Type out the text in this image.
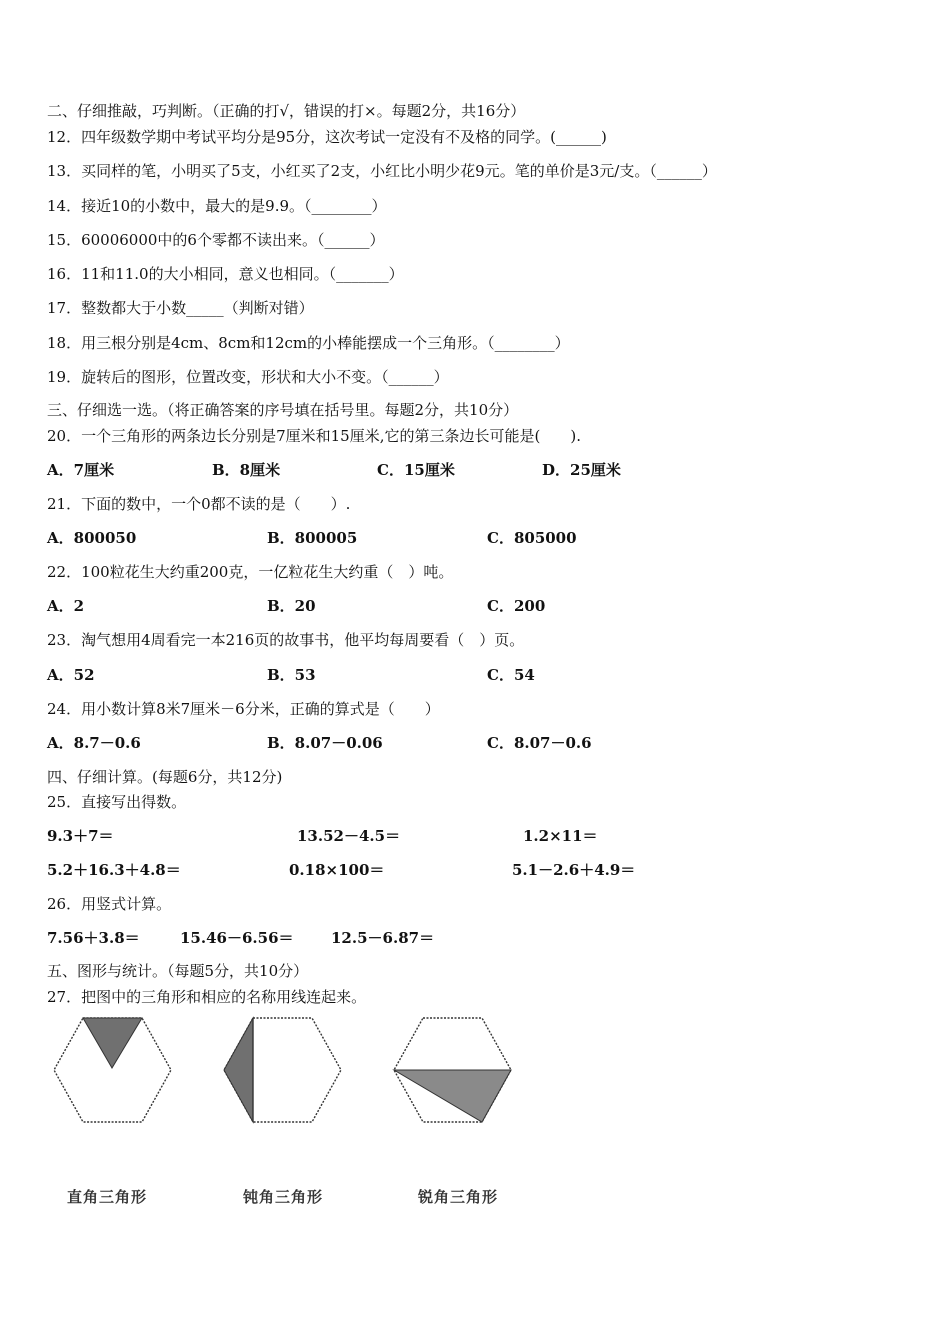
二、仔细推敲，巧判断。（正确的打√，错误的打×。每题2分，共16分）
12．四年级数学期中考试平均分是95分，这次考试一定没有不及格的同学。(______)
13．买同样的笔，小明买了5支，小红买了2支，小红比小明少花9元。笔的单价是3元/支。（______）
14．接近10的小数中，最大的是9.9。（________）
15．60006000中的6个零都不读出来。（______）
16．11和11.0的大小相同，意义也相同。（_______）
17．整数都大于小数_____（判断对错）
18．用三根分别是4cm、8cm和12cm的小棒能摆成一个三角形。（________）
19．旋转后的图形，位置改变，形状和大小不变。（______）
三、仔细选一选。（将正确答案的序号填在括号里。每题2分，共10分）
20．一个三角形的两条边长分别是7厘米和15厘米,它的第三条边长可能是(　　).
A．7厘米	B．8厘米	C．15厘米	D．25厘米
21．下面的数中，一个0都不读的是（　　）.
A．800050	B．800005	C．805000
22．100粒花生大约重200克，一亿粒花生大约重（　）吨。
A．2	B．20	C．200
23．淘气想用4周看完一本216页的故事书，他平均每周要看（　）页。
A．52	B．53	C．54
24．用小数计算8米7厘米－6分米，正确的算式是（　　）
A．8.7－0.6	B．8.07－0.06	C．8.07－0.6
四、仔细计算。(每题6分，共12分)
25．直接写出得数。
9.3＋7＝	13.52－4.5＝	1.2×11＝
5.2＋16.3＋4.8＝	0.18×100＝	5.1－2.6＋4.9＝
26．用竖式计算。
7.56＋3.8＝	15.46－6.56＝ 12.5－6.87＝
五、图形与统计。（每题5分，共10分）
27．把图中的三角形和相应的名称用线连起来。
直角三角形	钝角三角形	锐角三角形
